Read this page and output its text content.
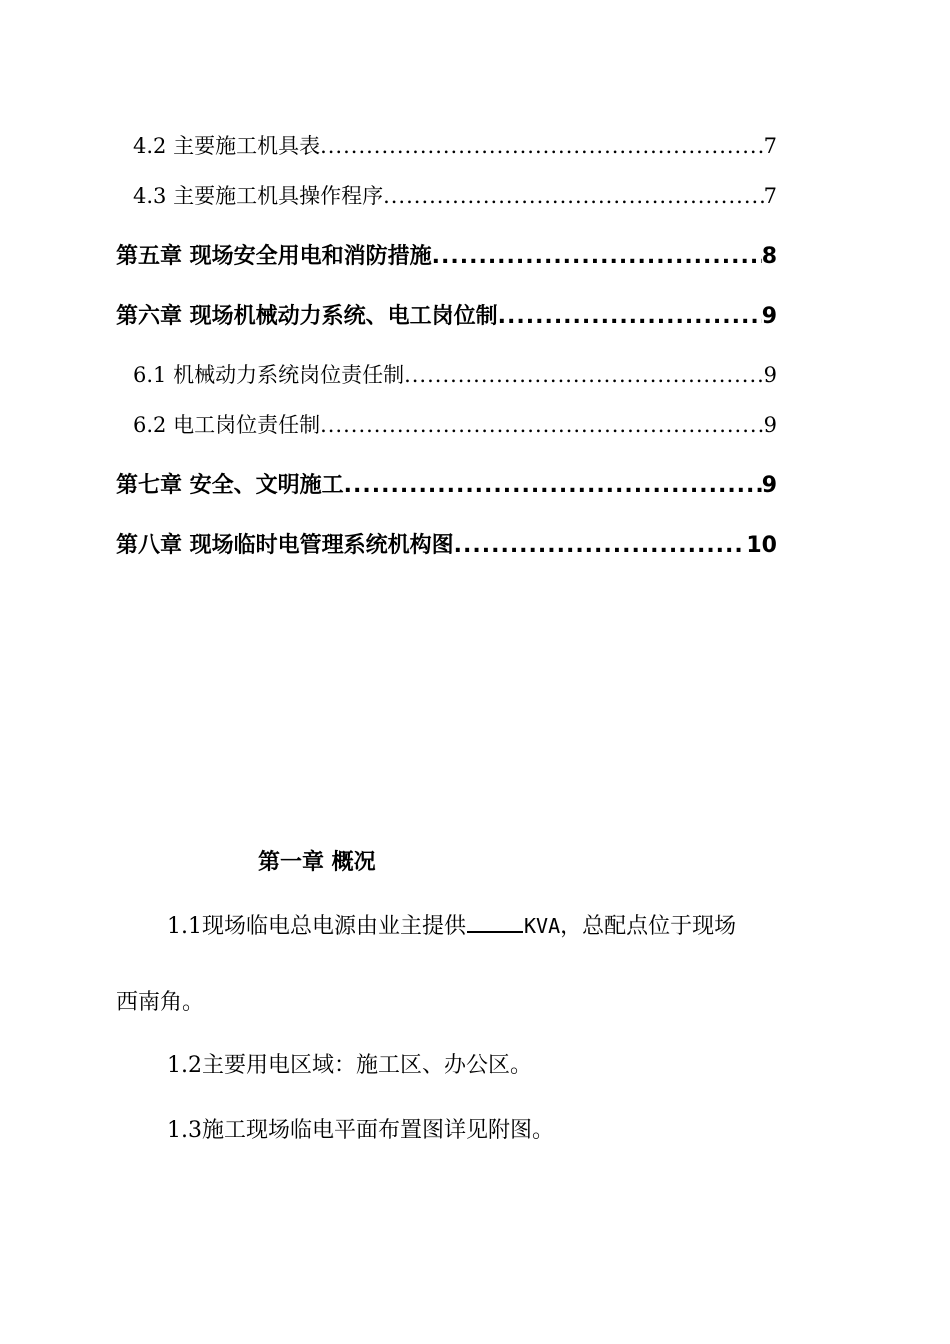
4.2 主要施工机具表 .....	7
4.3 主要施工机具操作程序 .....	7
第五章 现场安全用电和消防措施 .....	8
第六章 现场机械动力系统、电工岗位制 .....	9
6.1 机械动力系统岗位责任制 .....	9
6.2 电工岗位责任制 .....	9
第七章 安全、文明施工 .....	9
第八章 现场临时电管理系统机构图 .....	10
第一章 概况
1.1现场临电总电源由业主提供	KVA，总配点位于现场
西南角。
1.2主要用电区域：施工区、办公区。
1.3施工现场临电平面布置图详见附图。
